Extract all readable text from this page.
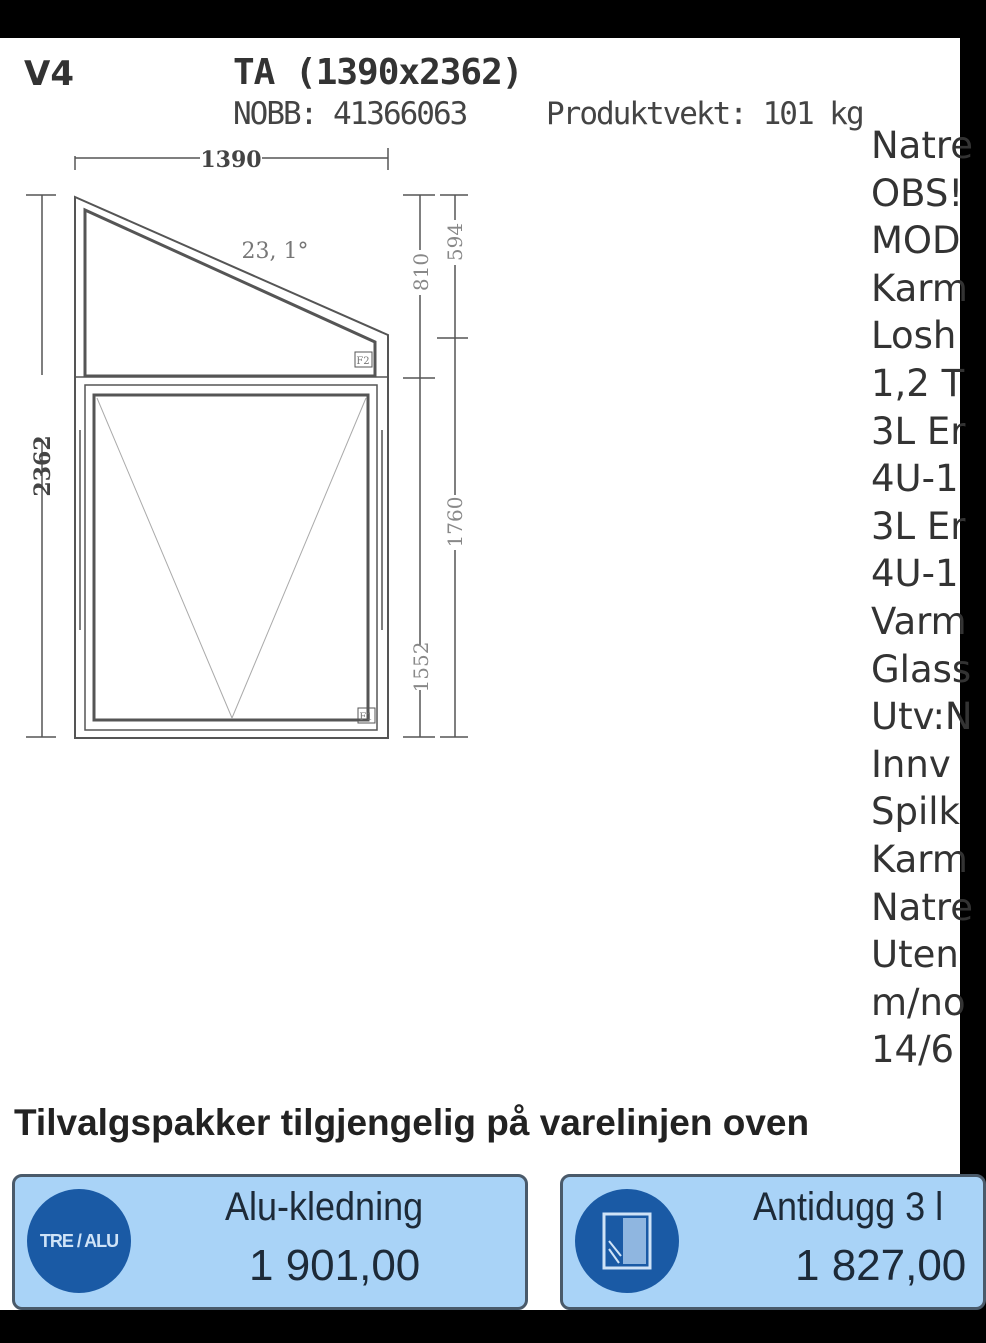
V4	TA (1390x2362)
NOBB: 41366063	Produktvekt: 101 kg
1390
2362
23, 1°
810
594
1552
1760
F2
F1
Natre
OBS!
MOD
Karm
Losh
1,2 T
3L Er
4U-1
3L Er
4U-1
Varm
Glass
Utv:N
Innv
Spilk
Karm
Natre
Uten
m/no
14/6
Tilvalgspakker tilgjengelig på varelinjen oven
TRE / ALU
Alu-kledning
1 901,00
Antidugg 3 l
1 827,00
